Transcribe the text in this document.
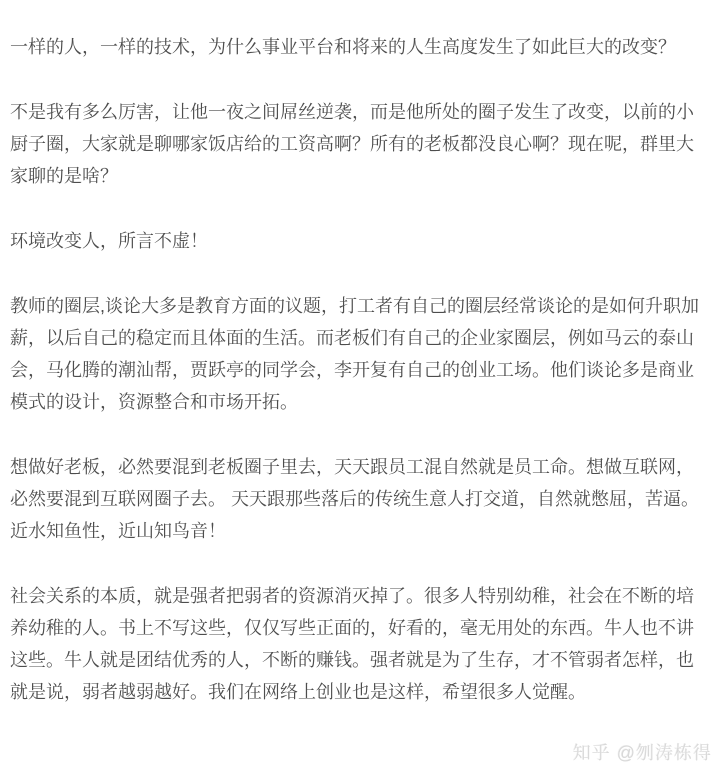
一样的人，一样的技术，为什么事业平台和将来的人生高度发生了如此巨大的改变？

不是我有多么厉害，让他一夜之间屌丝逆袭，而是他所处的圈子发生了改变，以前的小厨子圈，大家就是聊哪家饭店给的工资高啊？所有的老板都没良心啊？现在呢，群里大家聊的是啥？

环境改变人，所言不虚！

教师的圈层,谈论大多是教育方面的议题，打工者有自己的圈层经常谈论的是如何升职加薪，以后自己的稳定而且体面的生活。而老板们有自己的企业家圈层，例如马云的泰山会，马化腾的潮汕帮，贾跃亭的同学会，李开复有自己的创业工场。他们谈论多是商业模式的设计，资源整合和市场开拓。

想做好老板，必然要混到老板圈子里去，天天跟员工混自然就是员工命。想做互联网，必然要混到互联网圈子去。 天天跟那些落后的传统生意人打交道，自然就憋屈，苦逼。近水知鱼性，近山知鸟音！

社会关系的本质，就是强者把弱者的资源消灭掉了。很多人特别幼稚，社会在不断的培养幼稚的人。书上不写这些，仅仅写些正面的，好看的，毫无用处的东西。牛人也不讲这些。牛人就是团结优秀的人，不断的赚钱。强者就是为了生存，才不管弱者怎样，也就是说，弱者越弱越好。我们在网络上创业也是这样，希望很多人觉醒。

知乎 @刎涛栋得
